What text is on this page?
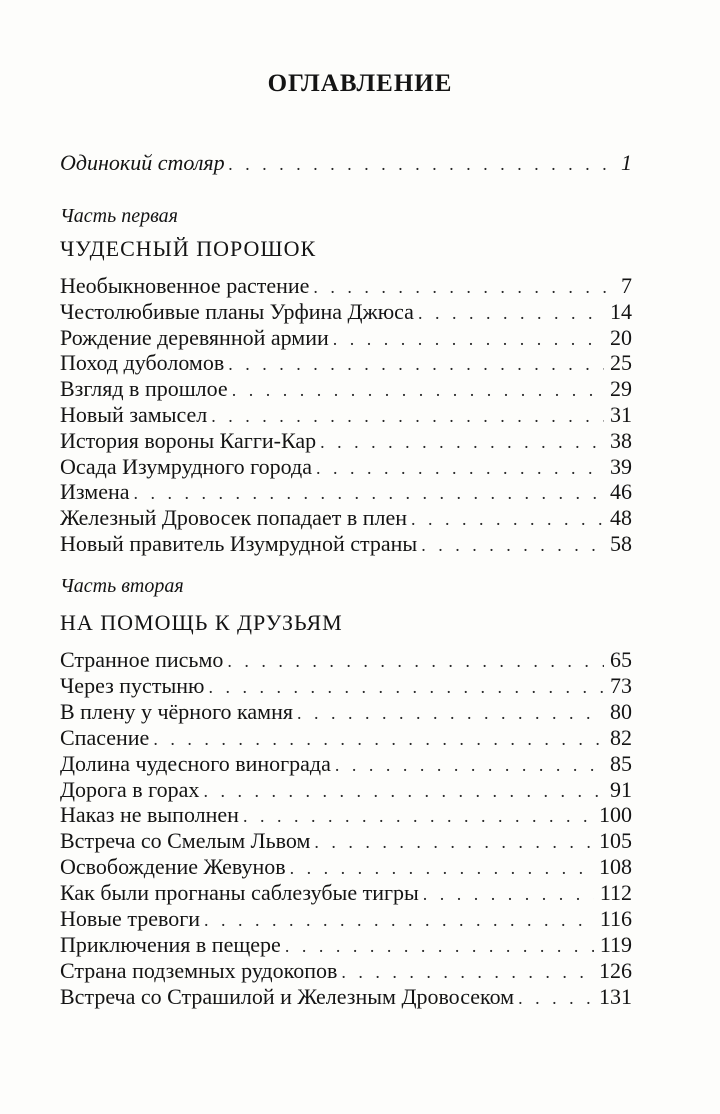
ОГЛАВЛЕНИЕ
Одинокий столяр . . .	1
Часть первая
ЧУДЕСНЫЙ ПОРОШОК
Необыкновенное растение . . .	7
Честолюбивые планы Урфина Джюса . . .	14
Рождение деревянной армии . . .	20
Поход дуболомов . . .	25
Взгляд в прошлое . . .	29
Новый замысел . . .	31
История вороны Кагги-Кар . . .	38
Осада Изумрудного города . . .	39
Измена . . .	46
Железный Дровосек попадает в плен . . .	48
Новый правитель Изумрудной страны . . .	58
Часть вторая
НА ПОМОЩЬ К ДРУЗЬЯМ
Странное письмо . . .	65
Через пустыню . . .	73
В плену у чёрного камня . . .	80
Спасение . . .	82
Долина чудесного винограда . . .	85
Дорога в горах . . .	91
Наказ не выполнен . . .	100
Встреча со Смелым Львом . . .	105
Освобождение Жевунов . . .	108
Как были прогнаны саблезубые тигры . . .	112
Новые тревоги . . .	116
Приключения в пещере . . .	119
Страна подземных рудокопов . . .	126
Встреча со Страшилой и Железным Дровосеком . . .	131
